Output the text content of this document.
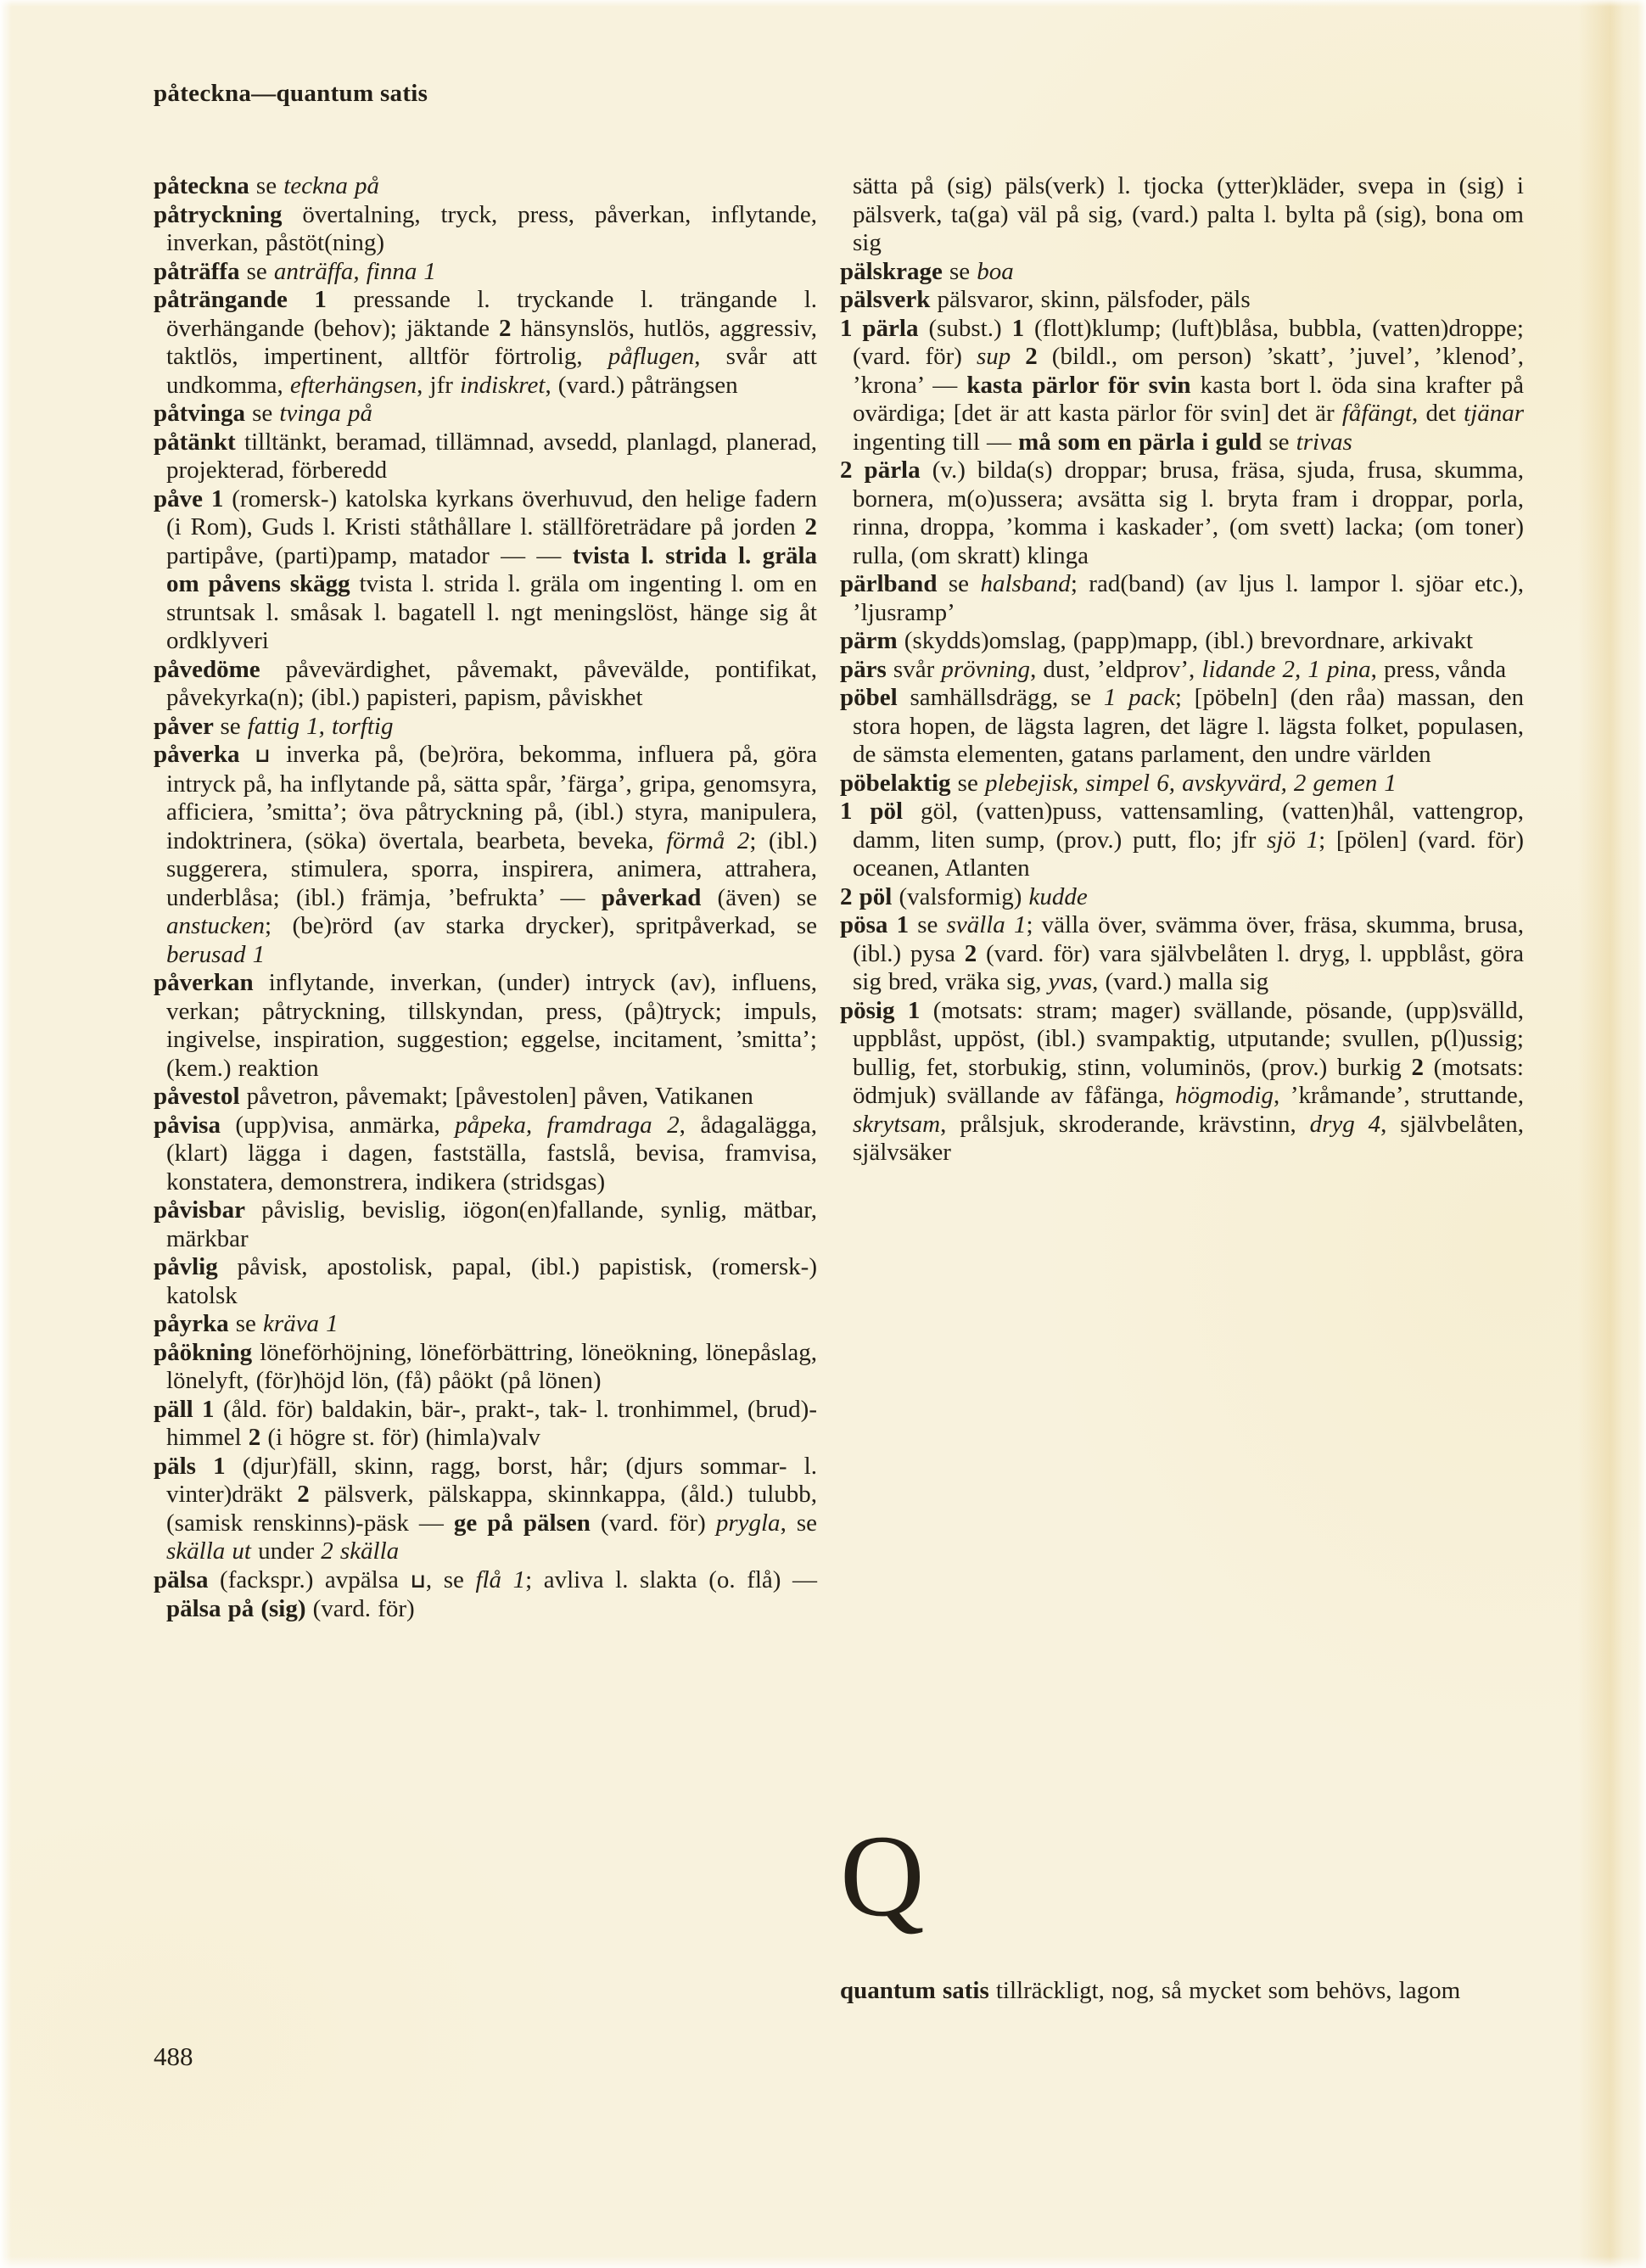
påteckna—quantum satis

påteckna se teckna på

påtryckning övertalning, tryck, press, påverkan, inflytande, inverkan, påstöt(ning)

påträffa se anträffa, finna 1

påträngande 1 pressande l. tryckande l. trängande l. överhängande (behov); jäktande 2 hänsynslös, hutlös, aggressiv, taktlös, impertinent, alltför förtrolig, påflugen, svår att undkomma, efterhängsen, jfr indiskret, (vard.) påträngsen

påtvinga se tvinga på

påtänkt tilltänkt, beramad, tillämnad, avsedd, planlagd, planerad, projekterad, förberedd

påve 1 (romersk-) katolska kyrkans överhuvud, den helige fadern (i Rom), Guds l. Kristi ståthållare l. ställföreträdare på jorden 2 partipåve, (parti)pamp, matador — — tvista l. strida l. gräla om påvens skägg tvista l. strida l. gräla om ingenting l. om en struntsak l. småsak l. bagatell l. ngt meningslöst, hänge sig åt ordklyveri

påvedöme påvevärdighet, påvemakt, påvevälde, pontifikat, påvekyrka(n); (ibl.) papisteri, papism, påviskhet

påver se fattig 1, torftig

påverka ⊔ inverka på, (be)röra, bekomma, influera på, göra intryck på, ha inflytande på, sätta spår, ’färga’, gripa, genomsyra, afficiera, ’smitta’; öva påtryckning på, (ibl.) styra, manipulera, indoktrinera, (söka) övertala, bearbeta, beveka, förmå 2; (ibl.) suggerera, stimulera, sporra, inspirera, animera, attrahera, underblåsa; (ibl.) främja, ’befrukta’ — påverkad (även) se anstucken; (be)rörd (av starka drycker), spritpåverkad, se berusad 1

påverkan inflytande, inverkan, (under) intryck (av), influens, verkan; påtryckning, tillskyndan, press, (på)tryck; impuls, ingivelse, inspiration, suggestion; eggelse, incitament, ’smitta’; (kem.) reaktion

påvestol påvetron, påvemakt; [påvestolen] påven, Vatikanen

påvisa (upp)visa, anmärka, påpeka, framdraga 2, ådagalägga, (klart) lägga i dagen, fastställa, fastslå, bevisa, framvisa, konstatera, demonstrera, indikera (stridsgas)

påvisbar påvislig, bevislig, iögon(en)fallande, synlig, mätbar, märkbar

påvlig påvisk, apostolisk, papal, (ibl.) papistisk, (romersk-) katolsk

påyrka se kräva 1

påökning löneförhöjning, löneförbättring, löneökning, lönepåslag, lönelyft, (för)höjd lön, (få) påökt (på lönen)

päll 1 (åld. för) baldakin, bär-, prakt-, tak- l. tronhimmel, (brud)-himmel 2 (i högre st. för) (himla)valv

päls 1 (djur)fäll, skinn, ragg, borst, hår; (djurs sommar- l. vinter)dräkt 2 pälsverk, pälskappa, skinnkappa, (åld.) tulubb, (samisk renskinns)-päsk — ge på pälsen (vard. för) prygla, se skälla ut under 2 skälla

pälsa (fackspr.) avpälsa ⊔, se flå 1; avliva l. slakta (o. flå) — pälsa på (sig) (vard. för)

sätta på (sig) päls(verk) l. tjocka (ytter)kläder, svepa in (sig) i pälsverk, ta(ga) väl på sig, (vard.) palta l. bylta på (sig), bona om sig

pälskrage se boa

pälsverk pälsvaror, skinn, pälsfoder, päls

1 pärla (subst.) 1 (flott)klump; (luft)blåsa, bubbla, (vatten)droppe; (vard. för) sup 2 (bildl., om person) ’skatt’, ’juvel’, ’klenod’, ’krona’ — kasta pärlor för svin kasta bort l. öda sina krafter på ovärdiga; [det är att kasta pärlor för svin] det är fåfängt, det tjänar ingenting till — må som en pärla i guld se trivas

2 pärla (v.) bilda(s) droppar; brusa, fräsa, sjuda, frusa, skumma, bornera, m(o)ussera; avsätta sig l. bryta fram i droppar, porla, rinna, droppa, ’komma i kaskader’, (om svett) lacka; (om toner) rulla, (om skratt) klinga

pärlband se halsband; rad(band) (av ljus l. lampor l. sjöar etc.), ’ljusramp’

pärm (skydds)omslag, (papp)mapp, (ibl.) brevordnare, arkivakt

pärs svår prövning, dust, ’eldprov’, lidande 2, 1 pina, press, vånda

pöbel samhällsdrägg, se 1 pack; [pöbeln] (den råa) massan, den stora hopen, de lägsta lagren, det lägre l. lägsta folket, populasen, de sämsta elementen, gatans parlament, den undre världen

pöbelaktig se plebejisk, simpel 6, avskyvärd, 2 gemen 1

1 pöl göl, (vatten)puss, vattensamling, (vatten)hål, vattengrop, damm, liten sump, (prov.) putt, flo; jfr sjö 1; [pölen] (vard. för) oceanen, Atlanten

2 pöl (valsformig) kudde

pösa 1 se svälla 1; välla över, svämma över, fräsa, skumma, brusa, (ibl.) pysa 2 (vard. för) vara självbelåten l. dryg, l. uppblåst, göra sig bred, vräka sig, yvas, (vard.) malla sig

pösig 1 (motsats: stram; mager) svällande, pösande, (upp)svälld, uppblåst, uppöst, (ibl.) svampaktig, utputande; svullen, p(l)ussig; bullig, fet, storbukig, stinn, voluminös, (prov.) burkig 2 (motsats: ödmjuk) svällande av fåfänga, högmodig, ’kråmande’, struttande, skrytsam, prålsjuk, skroderande, krävstinn, dryg 4, självbelåten, självsäker

Q

quantum satis tillräckligt, nog, så mycket som behövs, lagom

488
